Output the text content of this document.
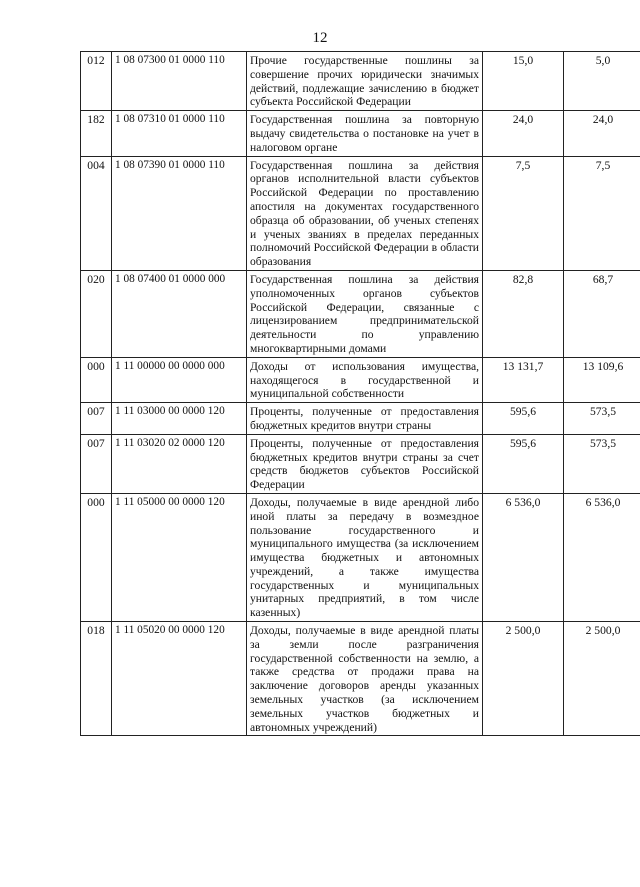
12
012	1 08 07300 01 0000 110	Прочие государственные пошлины за совершение прочих юридически значимых действий, подлежащие зачислению в бюджет субъекта Российской Федерации	15,0	5,0
182	1 08 07310 01 0000 110	Государственная пошлина за повторную выдачу свидетельства о постановке на учет в налоговом органе	24,0	24,0
004	1 08 07390 01 0000 110	Государственная пошлина за действия органов исполнительной власти субъектов Российской Федерации по проставлению апостиля на документах государственного образца об образовании, об ученых степенях и ученых званиях в пределах переданных полномочий Российской Федерации в области образования	7,5	7,5
020	1 08 07400 01 0000 000	Государственная пошлина за действия уполномоченных органов субъектов Российской Федерации, связанные с лицензированием предпринимательской деятельности по управлению многоквартирными домами	82,8	68,7
000	1 11 00000 00 0000 000	Доходы от использования имущества, находящегося в государственной и муниципальной собственности	13 131,7	13 109,6
007	1 11 03000 00 0000 120	Проценты, полученные от предоставления бюджетных кредитов внутри страны	595,6	573,5
007	1 11 03020 02 0000 120	Проценты, полученные от предоставления бюджетных кредитов внутри страны за счет средств бюджетов субъектов Российской Федерации	595,6	573,5
000	1 11 05000 00 0000 120	Доходы, получаемые в виде арендной либо иной платы за передачу в возмездное пользование государственного и муниципального имущества (за исключением имущества бюджетных и автономных учреждений, а также имущества государственных и муниципальных унитарных предприятий, в том числе казенных)	6 536,0	6 536,0
018	1 11 05020 00 0000 120	Доходы, получаемые в виде арендной платы за земли после разграничения государственной собственности на землю, а также средства от продажи права на заключение договоров аренды указанных земельных участков (за исключением земельных участков бюджетных и автономных учреждений)	2 500,0	2 500,0
